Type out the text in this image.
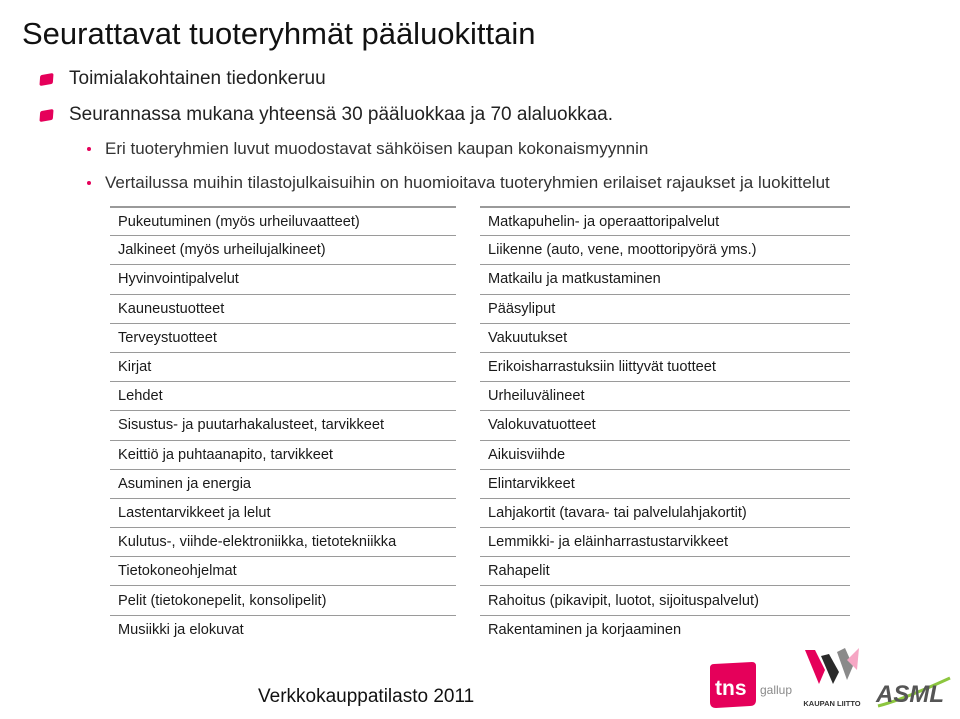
Seurattavat tuoteryhmät pääluokittain
Toimialakohtainen tiedonkeruu
Seurannassa mukana yhteensä 30 pääluokkaa ja 70 alaluokkaa.
Eri tuoteryhmien luvut muodostavat sähköisen kaupan kokonaismyynnin
Vertailussa muihin tilastojulkaisuihin on huomioitava tuoteryhmien erilaiset rajaukset ja luokittelut
Pukeutuminen (myös urheiluvaatteet)
Jalkineet (myös urheilujalkineet)
Hyvinvointipalvelut
Kauneustuotteet
Terveystuotteet
Kirjat
Lehdet
Sisustus- ja puutarhakalusteet, tarvikkeet
Keittiö ja puhtaanapito, tarvikkeet
Asuminen ja energia
Lastentarvikkeet ja lelut
Kulutus-, viihde-elektroniikka, tietotekniikka
Tietokoneohjelmat
Pelit (tietokonepelit, konsolipelit)
Musiikki ja elokuvat
Matkapuhelin- ja operaattoripalvelut
Liikenne (auto, vene, moottoripyörä yms.)
Matkailu ja matkustaminen
Pääsyliput
Vakuutukset
Erikoisharrastuksiin liittyvät tuotteet
Urheiluvälineet
Valokuvatuotteet
Aikuisviihde
Elintarvikkeet
Lahjakortit (tavara- tai palvelulahjakortit)
Lemmikki- ja eläinharrastustarvikkeet
Rahapelit
Rahoitus (pikavipit, luotot, sijoituspalvelut)
Rakentaminen ja korjaaminen
Verkkokauppatilasto 2011	tns gallup
KAUPAN LIITTO ASML
